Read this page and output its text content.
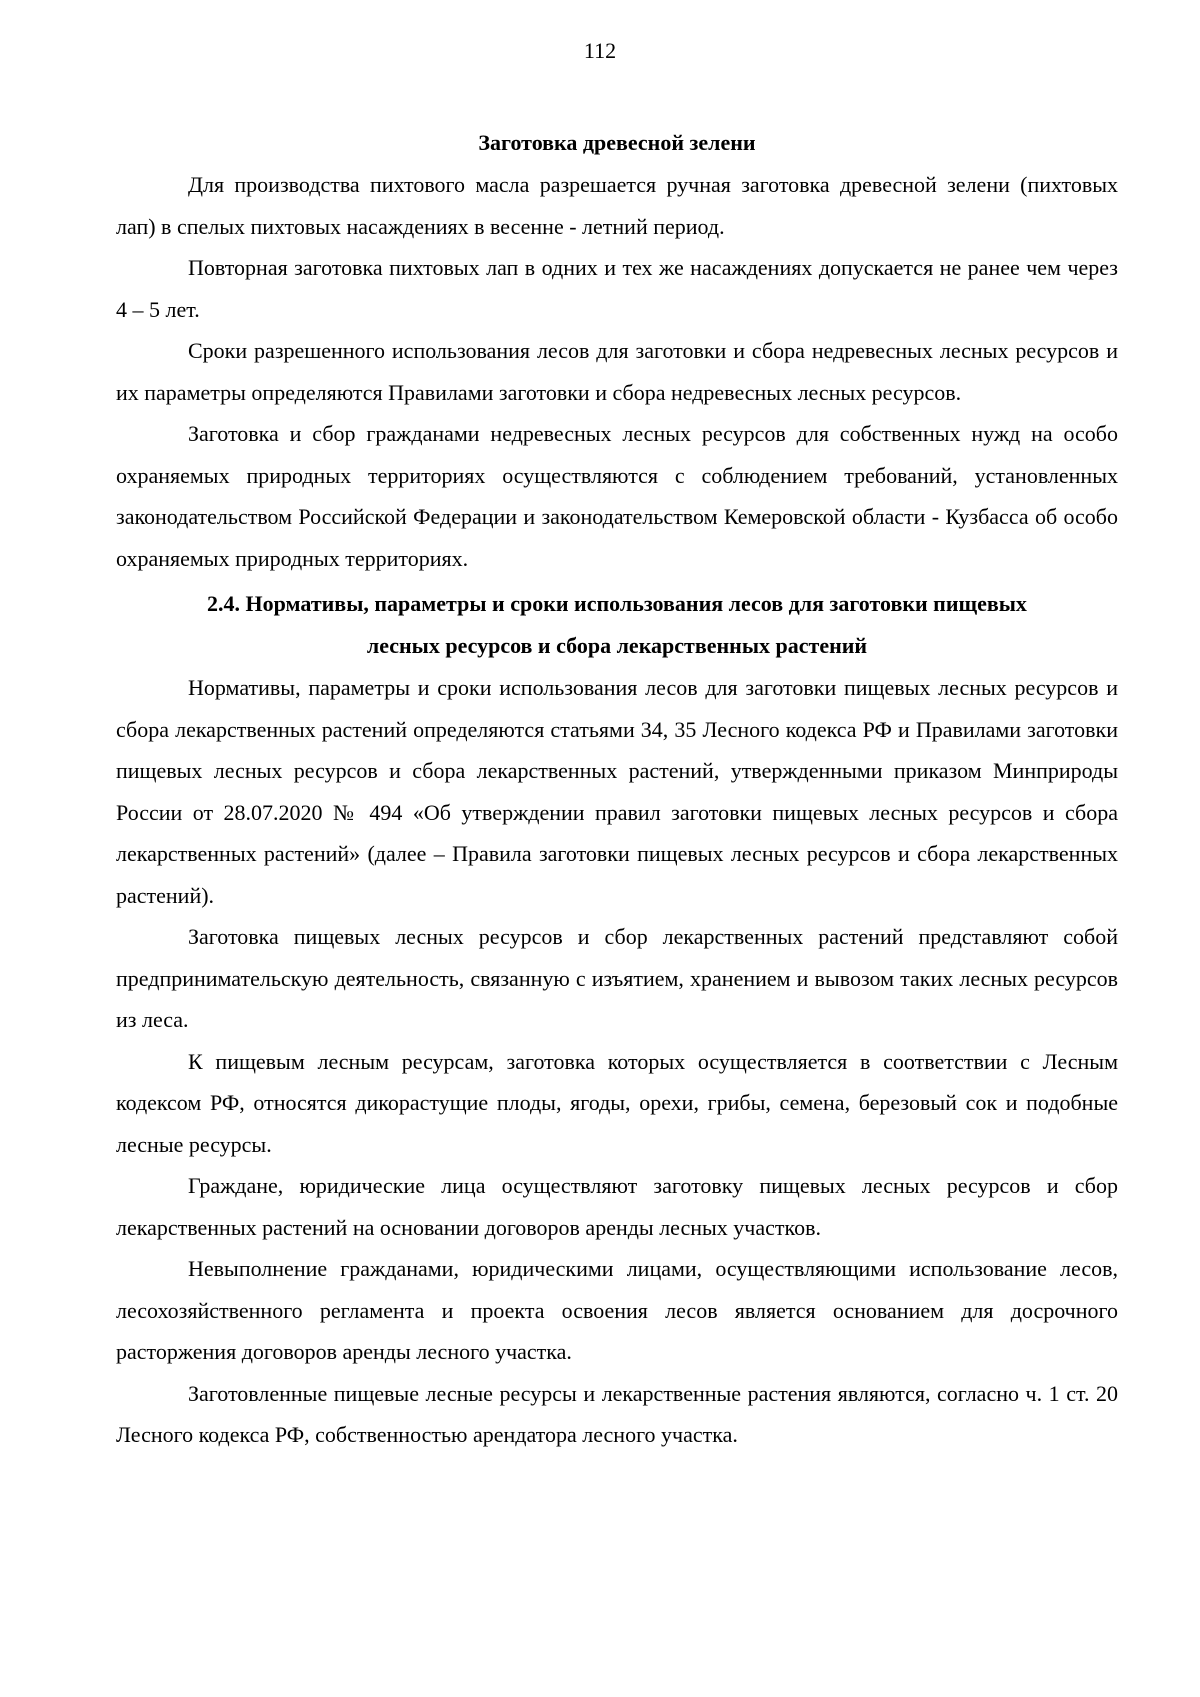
112

Заготовка древесной зелени

Для производства пихтового масла разрешается ручная заготовка древесной зелени (пихтовых лап) в спелых пихтовых насаждениях в весенне - летний период.

Повторная заготовка пихтовых лап в одних и тех же насаждениях допускается не ранее чем через 4 – 5 лет.

Сроки разрешенного использования лесов для заготовки и сбора недревесных лесных ресурсов и их параметры определяются Правилами заготовки и сбора недревесных лесных ресурсов.

Заготовка и сбор гражданами недревесных лесных ресурсов для собственных нужд на особо охраняемых природных территориях осуществляются с соблюдением требований, установленных законодательством Российской Федерации и законодательством Кемеровской области - Кузбасса об особо охраняемых природных территориях.

2.4. Нормативы, параметры и сроки использования лесов для заготовки пищевых

лесных ресурсов и сбора лекарственных растений

Нормативы, параметры и сроки использования лесов для заготовки пищевых лесных ресурсов и сбора лекарственных растений определяются статьями 34, 35 Лесного кодекса РФ и Правилами заготовки пищевых лесных ресурсов и сбора лекарственных растений, утвержденными приказом Минприроды России от 28.07.2020 № 494 «Об утверждении правил заготовки пищевых лесных ресурсов и сбора лекарственных растений» (далее – Правила заготовки пищевых лесных ресурсов и сбора лекарственных растений).

Заготовка пищевых лесных ресурсов и сбор лекарственных растений представляют собой предпринимательскую деятельность, связанную с изъятием, хранением и вывозом таких лесных ресурсов из леса.

К пищевым лесным ресурсам, заготовка которых осуществляется в соответствии с Лесным кодексом РФ, относятся дикорастущие плоды, ягоды, орехи, грибы, семена, березовый сок и подобные лесные ресурсы.

Граждане, юридические лица осуществляют заготовку пищевых лесных ресурсов и сбор лекарственных растений на основании договоров аренды лесных участков.

Невыполнение гражданами, юридическими лицами, осуществляющими использование лесов, лесохозяйственного регламента и проекта освоения лесов является основанием для досрочного расторжения договоров аренды лесного участка.

Заготовленные пищевые лесные ресурсы и лекарственные растения являются, согласно ч. 1 ст. 20 Лесного кодекса РФ, собственностью арендатора лесного участка.
